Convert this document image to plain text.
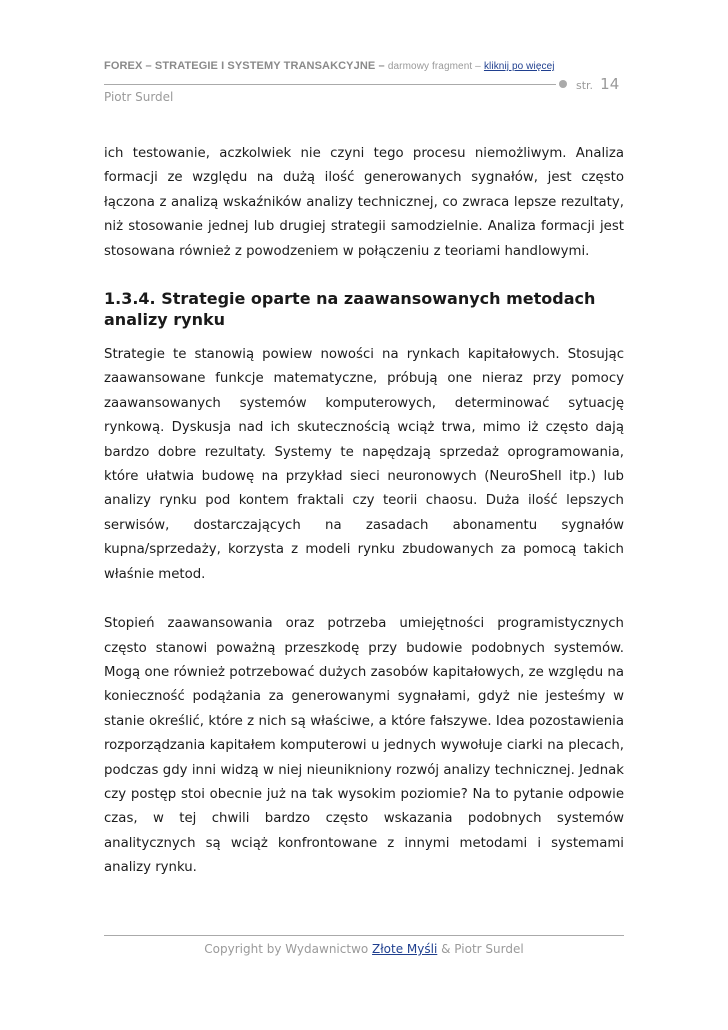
FOREX – STRATEGIE I SYSTEMY TRANSAKCYJNE – darmowy fragment – kliknij po więcej
str. 14
Piotr Surdel

ich testowanie, aczkolwiek nie czyni tego procesu niemożliwym. Analiza formacji ze względu na dużą ilość generowanych sygnałów, jest często łączona z analizą wskaźników analizy technicznej, co zwraca lepsze rezultaty, niż stosowanie jednej lub drugiej strategii samodzielnie. Analiza formacji jest stosowana również z powodzeniem w połączeniu z teoriami handlowymi.

1.3.4. Strategie oparte na zaawansowanych metodach analizy rynku

Strategie te stanowią powiew nowości na rynkach kapitałowych. Stosując zaawansowane funkcje matematyczne, próbują one nieraz przy pomocy zaawansowanych systemów komputerowych, determinować sytuację rynkową. Dyskusja nad ich skutecznością wciąż trwa, mimo iż często dają bardzo dobre rezultaty. Systemy te napędzają sprzedaż oprogramowania, które ułatwia budowę na przykład sieci neuronowych (NeuroShell itp.) lub analizy rynku pod kontem fraktali czy teorii chaosu. Duża ilość lepszych serwisów, dostarczających na zasadach abonamentu sygnałów kupna/sprzedaży, korzysta z modeli rynku zbudowanych za pomocą takich właśnie metod.

Stopień zaawansowania oraz potrzeba umiejętności programistycznych często stanowi poważną przeszkodę przy budowie podobnych systemów. Mogą one również potrzebować dużych zasobów kapitałowych, ze względu na konieczność podążania za generowanymi sygnałami, gdyż nie jesteśmy w stanie określić, które z nich są właściwe, a które fałszywe. Idea pozostawienia rozporządzania kapitałem komputerowi u jednych wywołuje ciarki na plecach, podczas gdy inni widzą w niej nieunikniony rozwój analizy technicznej. Jednak czy postęp stoi obecnie już na tak wysokim poziomie? Na to pytanie odpowie czas, w tej chwili bardzo często wskazania podobnych systemów analitycznych są wciąż konfrontowane z innymi metodami i systemami analizy rynku.

Copyright by Wydawnictwo Złote Myśli & Piotr Surdel
